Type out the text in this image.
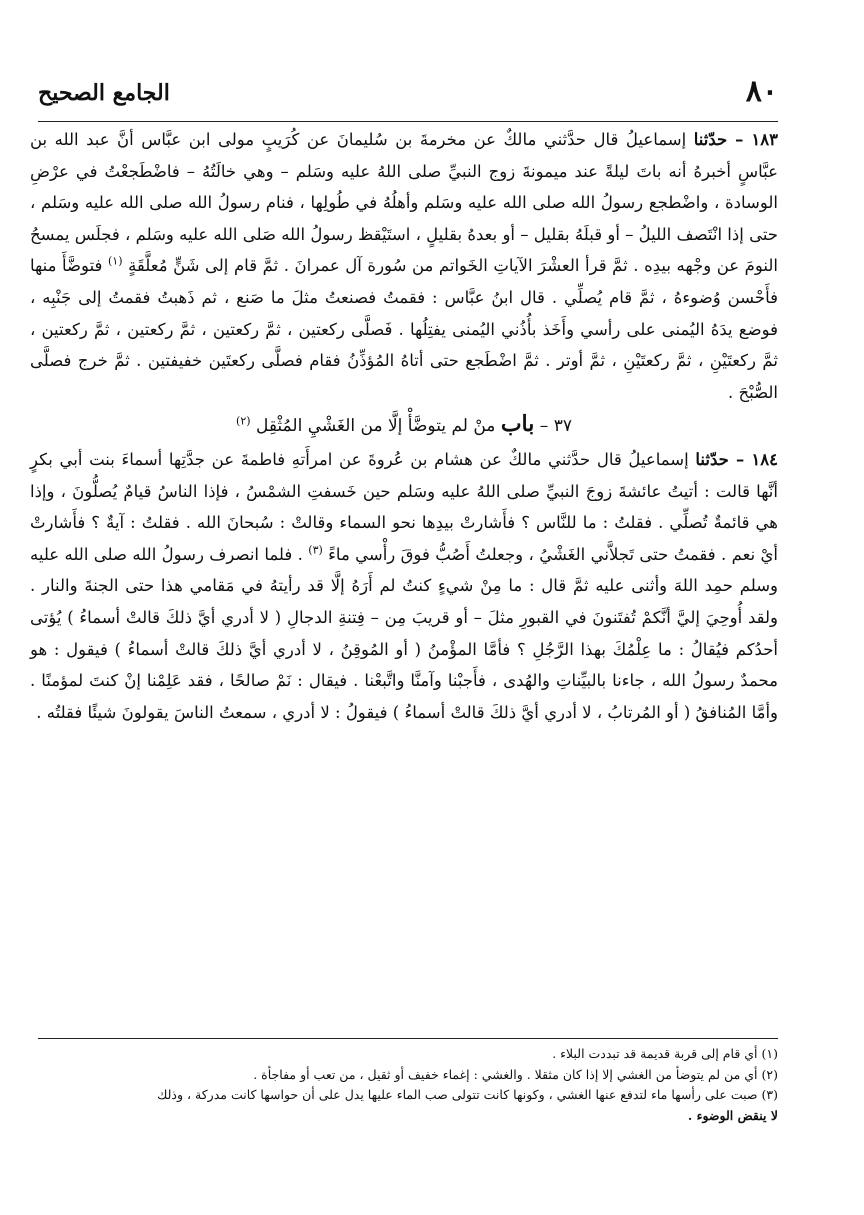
٨٠
الجامع الصحيح

١٨٣ – حدّثنا إسماعيلُ قال حدَّثني مالكٌ عن مخرمةَ بن سُليمانَ عن كُرَيبٍ مولى ابن عبَّاس أنَّ عبد الله بن عبَّاسٍ أخبرهُ أنه باتَ ليلةً عند ميمونةَ زوج النبيِّ صلى اللهُ عليه وسَلم – وهي خالَتُهُ – فاضْطَجعْتُ في عرْضِ الوسادة ، واضْطجع رسولُ الله صلى الله عليه وسَلم وأهلُهُ في طُولِها ، فنام رسولُ الله صلى الله عليه وسَلم ، حتى إذا انْتَصف الليلُ – أو قبلَهُ بقليل – أو بعدهُ بقليلٍ ، استَيْقظ رسولُ الله صَلى الله عليه وسَلم ، فجلَس يمسحُ النومَ عن وجْهه بيدِه . ثمَّ قرأ العشْرَ الآياتِ الخَواتم من سُورة آل عمرانَ . ثمَّ قام إلى شَنٍّ مُعلَّقَةٍ $^{(١)}$ فتوضَّأَ منها فأَحْسن وُضوءهُ ، ثمَّ قام يُصلِّي . قال ابنُ عبَّاس : فقمتُ فصنعتُ مثلَ ما صَنع ، ثم ذَهبتُ فقمتُ إلى جَنْبِه ، فوضع يدَهُ اليُمنى على رأسي وأَخَذ بأُذُني اليُمنى يفتِلُها . فَصلَّى ركعتين ، ثمَّ ركعتين ، ثمَّ ركعتين ، ثمَّ ركعتين ، ثمَّ ركعتَيْنِ ، ثمَّ ركعتَيْنِ ، ثمَّ أوتر . ثمَّ اضْطَجع حتى أتاهُ المُؤذِّنُ فقام فصلَّى ركعتَين خفيفتين . ثمَّ خرج فصلَّى الصُّبْحَ .

٣٧ – باب منْ لم يتوضَّأْ إلَّا من الغَشْيِ المُثْقِل $^{(٢)}$

١٨٤ – حدّثنا إسماعيلُ قال حدَّثني مالكٌ عن هشام بن عُروةَ عن امرأَتهِ فاطمةَ عن جدَّتِها أسماءَ بنت أبي بكرٍ أنَّها قالت : أتيتُ عائشةَ زوجَ النبيِّ صلى اللهُ عليه وسَلم حين خَسفتِ الشمْسُ ، فإذا الناسُ قيامٌ يُصلُّونَ ، وإذا هي قائمةٌ تُصلِّي . فقلتُ : ما للنَّاس ؟ فأَشارتْ بيدِها نحو السماء وقالتْ : سُبحانَ الله . فقلتُ : آيةٌ ؟ فأَشارتْ أيْ نعم . فقمتُ حتى تَجلاَّني الغَشْيُ ، وجعلتُ أَصُبُّ فوقَ رأْسي ماءً $^{(٣)}$ . فلما انصرف رسولُ الله صلى الله عليه وسلم حمِد اللهَ وأثنى عليه ثمَّ قال : ما مِنْ شيءٍ كنتُ لم أَرَهُ إلَّا قد رأيتهُ في مَقامي هذا حتى الجنةَ والنار . ولقد أُوحِيَ إليَّ أنَّكمْ تُفتَنونَ في القبورِ مثلَ – أو قريبَ مِن – فِتنةِ الدجالِ ( لا أدري أيَّ ذلكَ قالتْ أسماءُ ) يُؤتى أحدُكم فيُقالُ : ما عِلْمُكَ بهذا الرَّجُلِ ؟ فأمَّا المؤْمنُ ( أو المُوقِنُ ، لا أدري أيَّ ذلكَ قالتْ أسماءُ ) فيقول : هو محمدٌ رسولُ الله ، جاءنا بالبيِّناتِ والهُدى ، فأَجبْنا وآمنَّا واتَّبعْنا . فيقال : نَمْ صالحًا ، فقد عَلِمْنا إنْ كنتَ لمؤمنًا . وأمَّا المُنافقُ ( أو المُرتابُ ، لا أدري أيَّ ذلكَ قالتْ أسماءُ ) فيقولُ : لا أدري ، سمعتُ الناسَ يقولونَ شيئًا فقلتُه .

(١) أي قام إلى قربة قديمة قد تبددت البلاء .

(٢) أي من لم يتوضأ من الغشي إلا إذا كان مثقلا . والغشي : إغماء خفيف أو ثقيل ، من تعب أو مفاجأة .

(٣) صبت على رأسها ماء لتدفع عنها الغشي ، وكونها كانت تتولى صب الماء عليها يدل على أن حواسها كانت مدركة ، وذلك

لا ينقض الوضوء .
